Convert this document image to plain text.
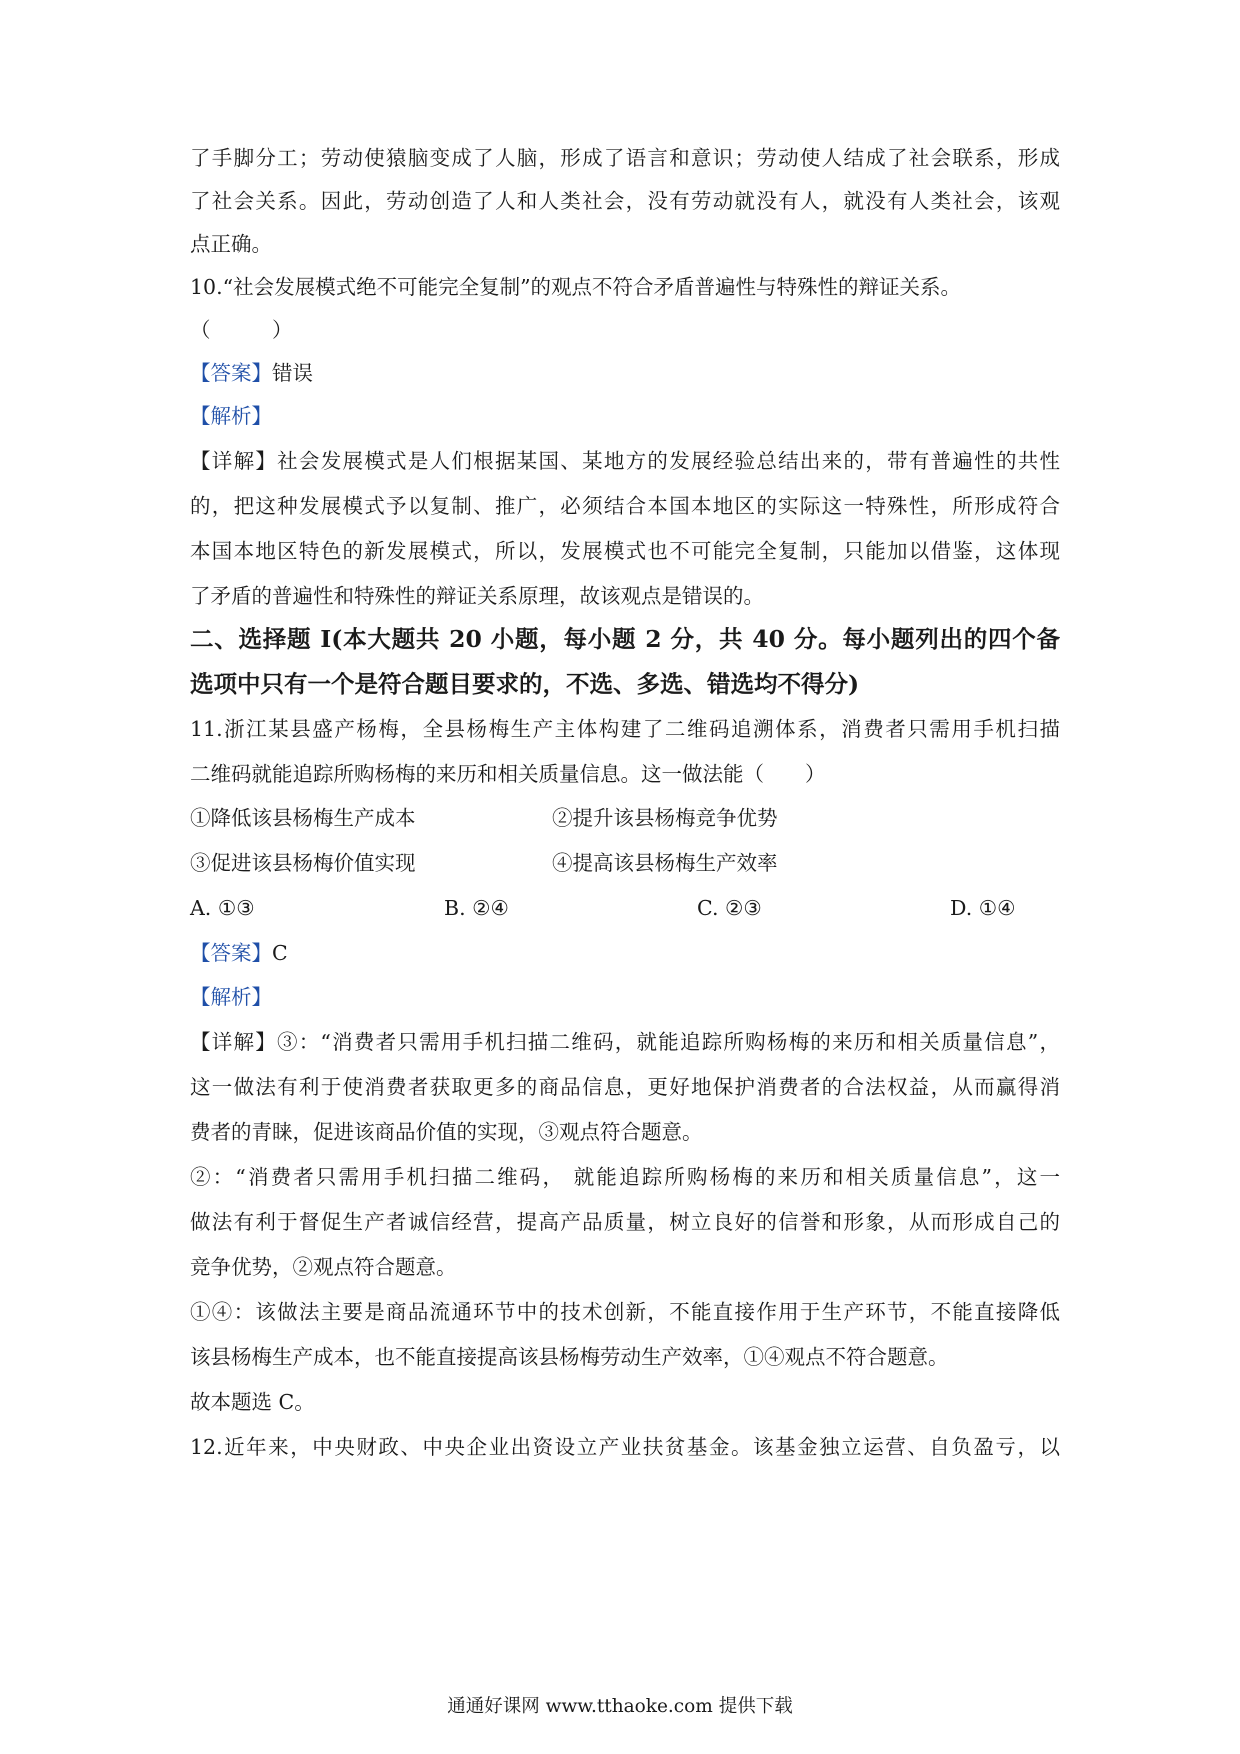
了手脚分工；劳动使猿脑变成了人脑，形成了语言和意识；劳动使人结成了社会联系，形成
了社会关系。因此，劳动创造了人和人类社会，没有劳动就没有人，就没有人类社会，该观
点正确。
10.“社会发展模式绝不可能完全复制”的观点不符合矛盾普遍性与特殊性的辩证关系。
（　　　）
【答案】错误
【解析】
【详解】社会发展模式是人们根据某国、某地方的发展经验总结出来的，带有普遍性的共性
的，把这种发展模式予以复制、推广，必须结合本国本地区的实际这一特殊性，所形成符合
本国本地区特色的新发展模式，所以，发展模式也不可能完全复制，只能加以借鉴，这体现
了矛盾的普遍性和特殊性的辩证关系原理，故该观点是错误的。
二、选择题 I(本大题共 20 小题，每小题 2 分，共 40 分。每小题列出的四个备
选项中只有一个是符合题目要求的，不选、多选、错选均不得分)
11.浙江某县盛产杨梅，全县杨梅生产主体构建了二维码追溯体系，消费者只需用手机扫描
二维码就能追踪所购杨梅的来历和相关质量信息。这一做法能（　　）
①降低该县杨梅生产成本	②提升该县杨梅竞争优势
③促进该县杨梅价值实现	④提高该县杨梅生产效率
A. ①③	B. ②④	C. ②③	D. ①④
【答案】C
【解析】
【详解】③：“消费者只需用手机扫描二维码，就能追踪所购杨梅的来历和相关质量信息”，
这一做法有利于使消费者获取更多的商品信息，更好地保护消费者的合法权益，从而赢得消
费者的青睐，促进该商品价值的实现，③观点符合题意。
②：“消费者只需用手机扫描二维码， 就能追踪所购杨梅的来历和相关质量信息”，这一
做法有利于督促生产者诚信经营，提高产品质量，树立良好的信誉和形象，从而形成自己的
竞争优势，②观点符合题意。
①④：该做法主要是商品流通环节中的技术创新，不能直接作用于生产环节，不能直接降低
该县杨梅生产成本，也不能直接提高该县杨梅劳动生产效率，①④观点不符合题意。
故本题选 C。
12.近年来，中央财政、中央企业出资设立产业扶贫基金。该基金独立运营、自负盈亏，以
通通好课网 www.tthaoke.com 提供下载
